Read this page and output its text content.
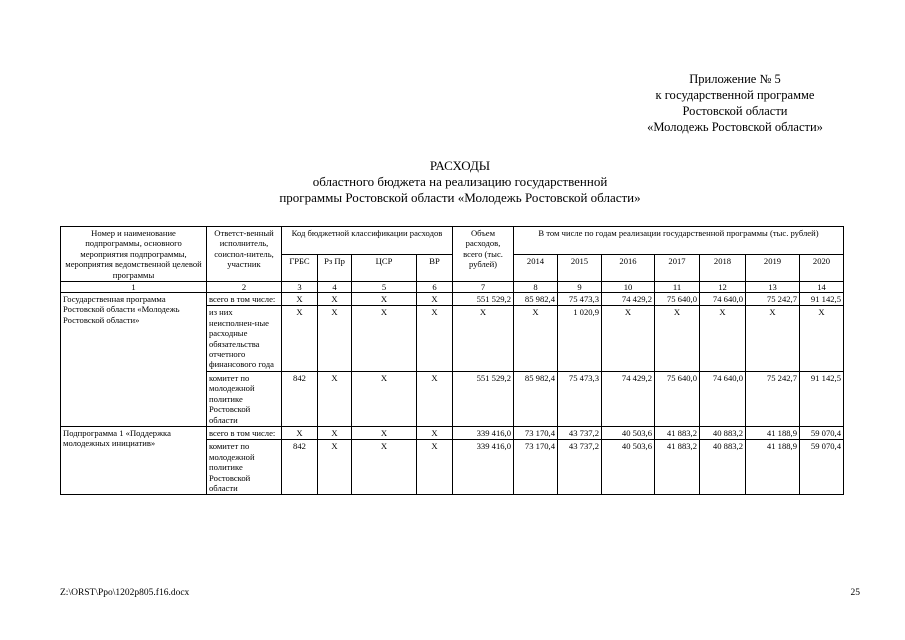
Приложение № 5
к государственной программе
Ростовской области
«Молодежь Ростовской области»
РАСХОДЫ
областного бюджета на реализацию государственной
программы Ростовской области «Молодежь Ростовской области»
Номер и наименование подпрограммы, основного мероприятия подпрограммы, мероприятия ведомственной целевой программы	Ответст-венный исполнитель, соиспол-нитель, участник	Код бюджетной классификации расходов				Объем расходов, всего (тыс. рублей)	В том числе по годам реализации государственной программы (тыс. рублей)						
		ГРБС	Рз Пр	ЦСР	ВР		2014	2015	2016	2017	2018	2019	2020
1	2	3	4	5	6	7	8	9	10	11	12	13	14
Государственная программа Ростовской области «Молодежь Ростовской области»	всего в том числе:	X	X	X	X	551 529,2	85 982,4	75 473,3	74 429,2	75 640,0	74 640,0	75 242,7	91 142,5
	из них неисполнен-ные расходные обязательства отчетного финансового года	X	X	X	X	X	X	1 020,9	X	X	X	X	X
	комитет по молодежной политике Ростовской области	842	X	X	X	551 529,2	85 982,4	75 473,3	74 429,2	75 640,0	74 640,0	75 242,7	91 142,5
Подпрограмма 1 «Поддержка молодежных инициатив»	всего в том числе:	X	X	X	X	339 416,0	73 170,4	43 737,2	40 503,6	41 883,2	40 883,2	41 188,9	59 070,4
	комитет по молодежной политике Ростовской области	842	X	X	X	339 416,0	73 170,4	43 737,2	40 503,6	41 883,2	40 883,2	41 188,9	59 070,4
Z:\ORST\Ppo\1202p805.f16.docx	25
